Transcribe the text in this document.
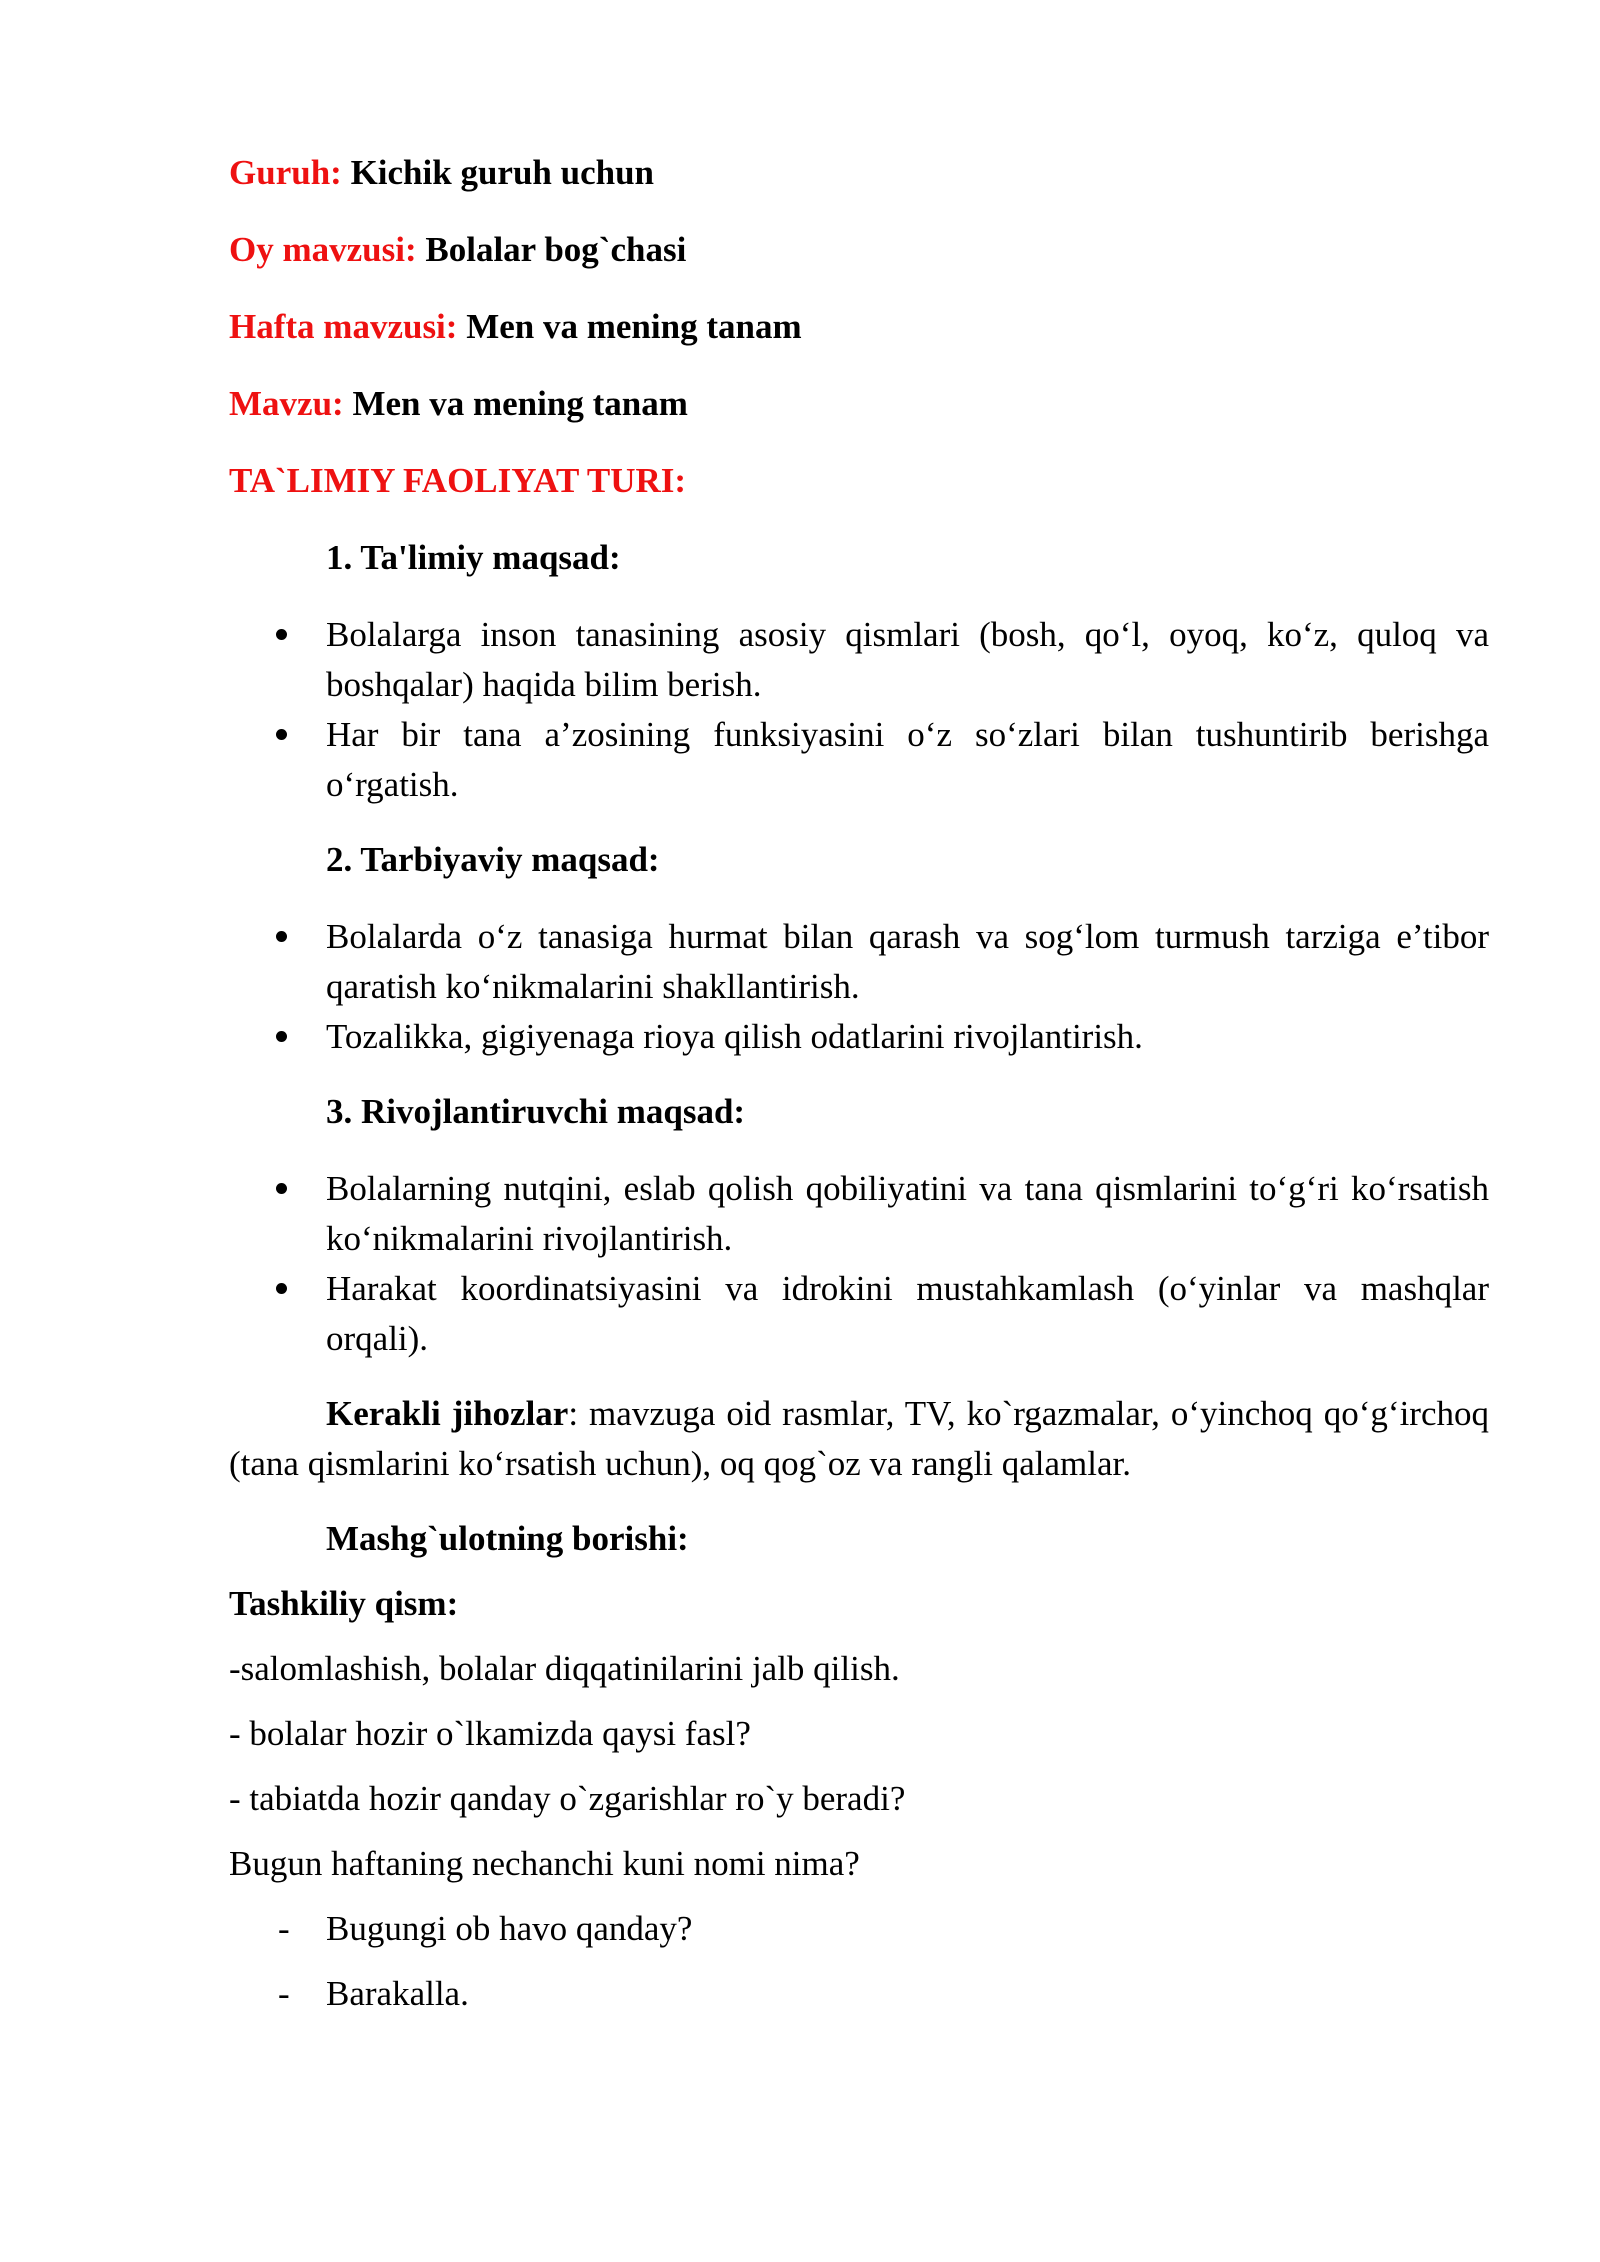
Guruh: Kichik guruh uchun

Oy mavzusi: Bolalar bog`chasi

Hafta mavzusi: Men va mening tanam

Mavzu: Men va mening tanam

TA`LIMIY FAOLIYAT TURI:

1. Ta'limiy maqsad:

Bolalarga inson tanasining asosiy qismlari (bosh, qo‘l, oyoq, ko‘z, quloq va boshqalar) haqida bilim berish.
Har bir tana a’zosining funksiyasini o‘z so‘zlari bilan tushuntirib berishga o‘rgatish.

2. Tarbiyaviy maqsad:

Bolalarda o‘z tanasiga hurmat bilan qarash va sog‘lom turmush tarziga e’tibor qaratish ko‘nikmalarini shakllantirish.
Tozalikka, gigiyenaga rioya qilish odatlarini rivojlantirish.

3. Rivojlantiruvchi maqsad:

Bolalarning nutqini, eslab qolish qobiliyatini va tana qismlarini to‘g‘ri ko‘rsatish ko‘nikmalarini rivojlantirish.
Harakat koordinatsiyasini va idrokini mustahkamlash (o‘yinlar va mashqlar orqali).

Kerakli jihozlar: mavzuga oid rasmlar, TV, ko`rgazmalar, o‘yinchoq qo‘g‘irchoq (tana qismlarini ko‘rsatish uchun), oq qog`oz va rangli qalamlar.

Mashg`ulotning borishi:

Tashkiliy qism:

-salomlashish, bolalar diqqatinilarini jalb qilish.

- bolalar hozir o`lkamizda qaysi fasl?

- tabiatda hozir qanday o`zgarishlar ro`y beradi?

Bugun haftaning nechanchi kuni nomi nima?

- Bugungi ob havo qanday?
- Barakalla.
